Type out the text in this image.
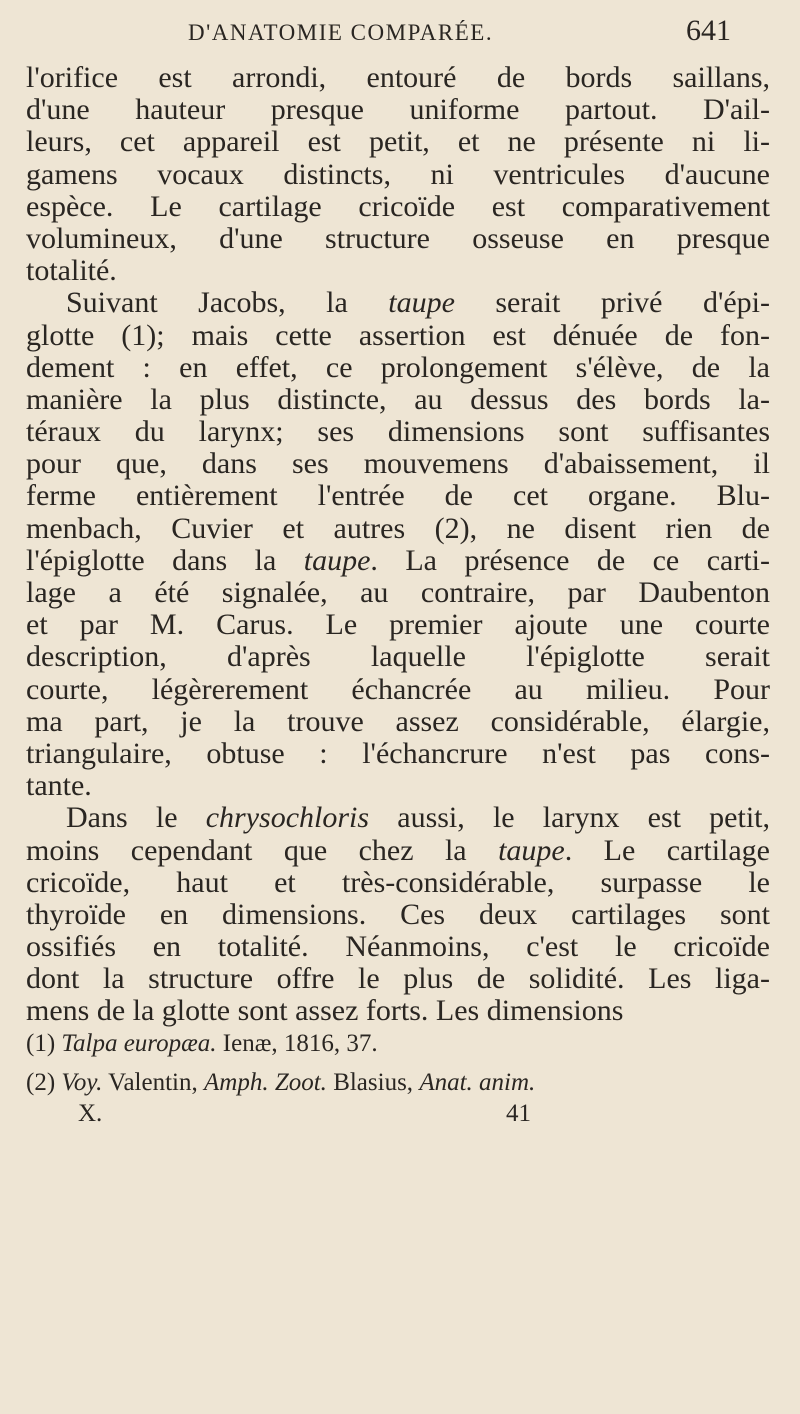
D'ANATOMIE COMPARÉE.	641
l'orifice est arrondi, entouré de bords saillans,
d'une hauteur presque uniforme partout. D'ail-
leurs, cet appareil est petit, et ne présente ni li-
gamens vocaux distincts, ni ventricules d'aucune
espèce. Le cartilage cricoïde est comparativement
volumineux, d'une structure osseuse en presque
totalité.
Suivant Jacobs, la taupe serait privé d'épi-
glotte (1); mais cette assertion est dénuée de fon-
dement : en effet, ce prolongement s'élève, de la
manière la plus distincte, au dessus des bords la-
téraux du larynx; ses dimensions sont suffisantes
pour que, dans ses mouvemens d'abaissement, il
ferme entièrement l'entrée de cet organe. Blu-
menbach, Cuvier et autres (2), ne disent rien de
l'épiglotte dans la taupe. La présence de ce carti-
lage a été signalée, au contraire, par Daubenton
et par M. Carus. Le premier ajoute une courte
description, d'après laquelle l'épiglotte serait
courte, légèrerement échancrée au milieu. Pour
ma part, je la trouve assez considérable, élargie,
triangulaire, obtuse : l'échancrure n'est pas cons-
tante.
Dans le chrysochloris aussi, le larynx est petit,
moins cependant que chez la taupe. Le cartilage
cricoïde, haut et très-considérable, surpasse le
thyroïde en dimensions. Ces deux cartilages sont
ossifiés en totalité. Néanmoins, c'est le cricoïde
dont la structure offre le plus de solidité. Les liga-
mens de la glotte sont assez forts. Les dimensions
(1) Talpa europæa. Ienæ, 1816, 37.
(2) Voy. Valentin, Amph. Zoot. Blasius, Anat. anim.
X.	41
